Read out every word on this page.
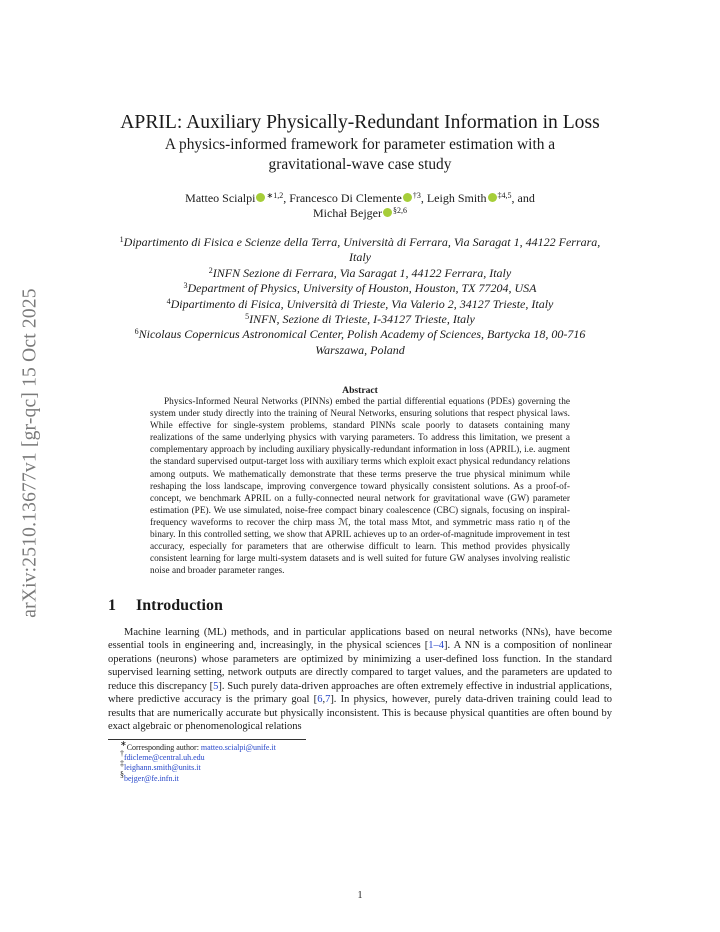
arXiv:2510.13677v1 [gr-qc] 15 Oct 2025
APRIL: Auxiliary Physically-Redundant Information in Loss
A physics-informed framework for parameter estimation with a
gravitational-wave case study
Matteo Scialpi $^{∗1,2}$, Francesco Di Clemente $^{\dagger 3}$, Leigh Smith $^{\ddagger 4,5}$, and
Michał Bejger $^{\S 2,6}$
$^1$Dipartimento di Fisica e Scienze della Terra, Università di Ferrara, Via Saragat 1, 44122 Ferrara, Italy
$^2$INFN Sezione di Ferrara, Via Saragat 1, 44122 Ferrara, Italy
$^3$Department of Physics, University of Houston, Houston, TX 77204, USA
$^4$Dipartimento di Fisica, Università di Trieste, Via Valerio 2, 34127 Trieste, Italy
$^5$INFN, Sezione di Trieste, I-34127 Trieste, Italy
$^6$Nicolaus Copernicus Astronomical Center, Polish Academy of Sciences, Bartycka 18, 00-716 Warszawa, Poland
Abstract
Physics-Informed Neural Networks (PINNs) embed the partial differential equations (PDEs) governing the system under study directly into the training of Neural Networks, ensuring solutions that respect physical laws. While effective for single-system problems, standard PINNs scale poorly to datasets containing many realizations of the same underlying physics with varying parameters. To address this limitation, we present a complementary approach by including auxiliary physically-redundant information in loss (APRIL), i.e. augment the standard supervised output-target loss with auxiliary terms which exploit exact physical redundancy relations among outputs. We mathematically demonstrate that these terms preserve the true physical minimum while reshaping the loss landscape, improving convergence toward physically consistent solutions. As a proof-of-concept, we benchmark APRIL on a fully-connected neural network for gravitational wave (GW) parameter estimation (PE). We use simulated, noise-free compact binary coalescence (CBC) signals, focusing on inspiral-frequency waveforms to recover the chirp mass ℳ, the total mass Mtot, and symmetric mass ratio η of the binary. In this controlled setting, we show that APRIL achieves up to an order-of-magnitude improvement in test accuracy, especially for parameters that are otherwise difficult to learn. This method provides physically consistent learning for large multi-system datasets and is well suited for future GW analyses involving realistic noise and broader parameter ranges.
1 Introduction
Machine learning (ML) methods, and in particular applications based on neural networks (NNs), have become essential tools in engineering and, increasingly, in the physical sciences [1–4]. A NN is a composition of nonlinear operations (neurons) whose parameters are optimized by minimizing a user-defined loss function. In the standard supervised learning setting, network outputs are directly compared to target values, and the parameters are updated to reduce this discrepancy [5]. Such purely data-driven approaches are often extremely effective in industrial applications, where predictive accuracy is the primary goal [6,7]. In physics, however, purely data-driven training could lead to results that are numerically accurate but physically inconsistent. This is because physical quantities are often bound by exact algebraic or phenomenological relations
∗Corresponding author: matteo.scialpi@unife.it
†fdicleme@central.uh.edu
‡leighann.smith@units.it
§bejger@fe.infn.it
1
